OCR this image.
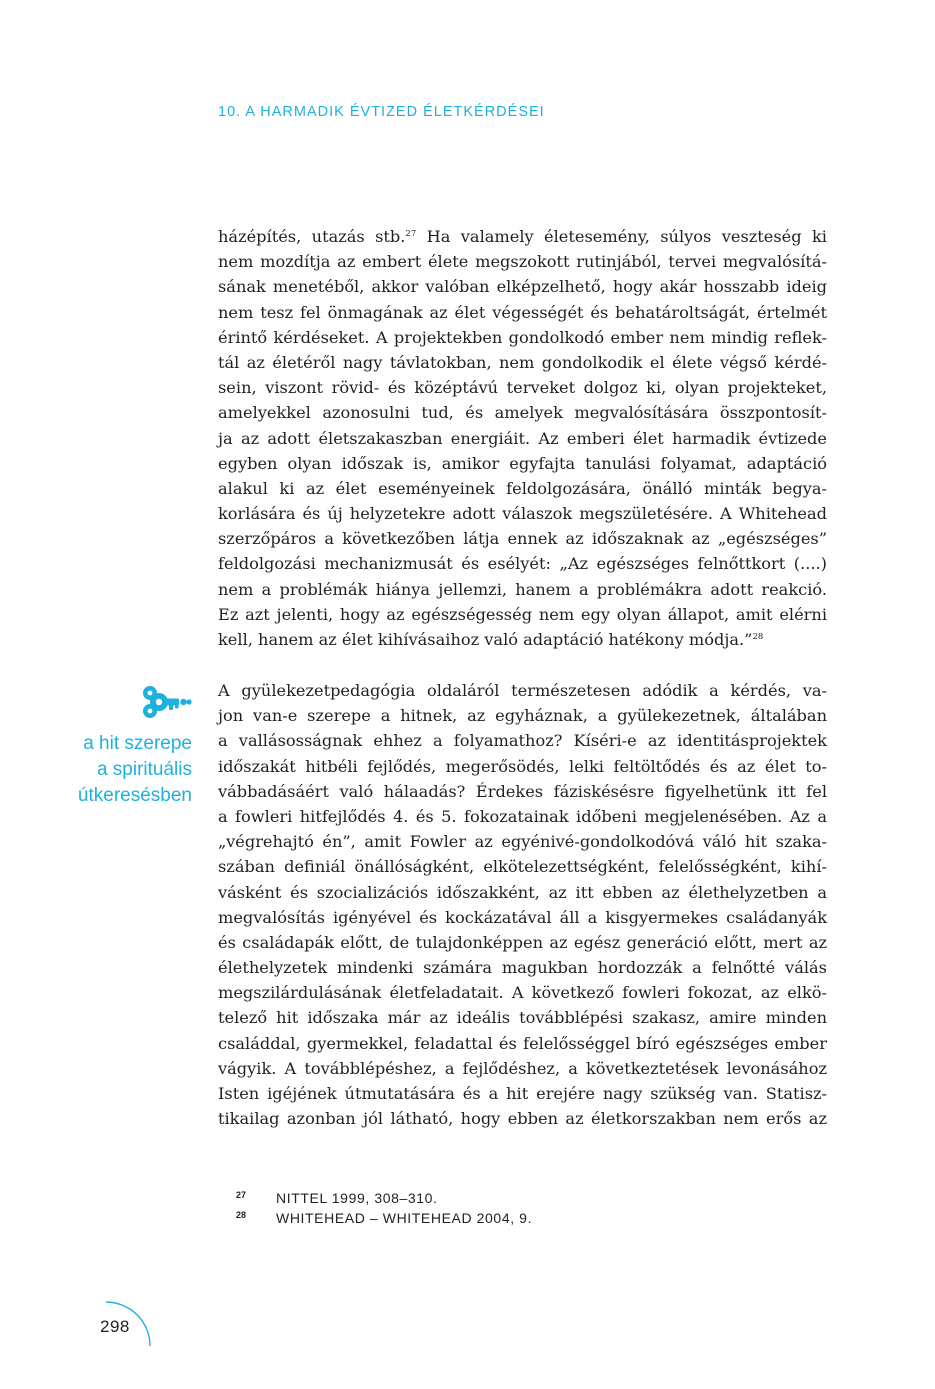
10. A HARMADIK ÉVTIZED ÉLETKÉRDÉSEI
házépítés, utazás stb.$^{27}$ Ha valamely életesemény, súlyos veszteség ki
nem mozdítja az embert élete megszokott rutinjából, tervei megvalósítá-
sának menetéből, akkor valóban elképzelhető, hogy akár hosszabb ideig
nem tesz fel önmagának az élet végességét és behatároltságát, értelmét
érintő kérdéseket. A projektekben gondolkodó ember nem mindig reflek-
tál az életéről nagy távlatokban, nem gondolkodik el élete végső kérdé-
sein, viszont rövid- és középtávú terveket dolgoz ki, olyan projekteket,
amelyekkel azonosulni tud, és amelyek megvalósítására összpontosít-
ja az adott életszakaszban energiáit. Az emberi élet harmadik évtizede
egyben olyan időszak is, amikor egyfajta tanulási folyamat, adaptáció
alakul ki az élet eseményeinek feldolgozására, önálló minták begya-
korlására és új helyzetekre adott válaszok megszületésére. A Whitehead
szerzőpáros a következőben látja ennek az időszaknak az „egészséges”
feldolgozási mechanizmusát és esélyét: „Az egészséges felnőttkort (....)
nem a problémák hiánya jellemzi, hanem a problémákra adott reakció.
Ez azt jelenti, hogy az egészségesség nem egy olyan állapot, amit elérni
kell, hanem az élet kihívásaihoz való adaptáció hatékony módja.”$^{28}$
a hit szerepe
a spirituális
útkeresésben
A gyülekezetpedagógia oldaláról természetesen adódik a kérdés, va-
jon van-e szerepe a hitnek, az egyháznak, a gyülekezetnek, általában
a vallásosságnak ehhez a folyamathoz? Kíséri-e az identitásprojektek
időszakát hitbéli fejlődés, megerősödés, lelki feltöltődés és az élet to-
vábbadásáért való hálaadás? Érdekes fáziskésésre figyelhetünk itt fel
a fowleri hitfejlődés 4. és 5. fokozatainak időbeni megjelenésében. Az a
„végrehajtó én”, amit Fowler az egyénivé-gondolkodóvá váló hit szaka-
szában definiál önállóságként, elkötelezettségként, felelősségként, kihí-
vásként és szocializációs időszakként, az itt ebben az élethelyzetben a
megvalósítás igényével és kockázatával áll a kisgyermekes családanyák
és családapák előtt, de tulajdonképpen az egész generáció előtt, mert az
élethelyzetek mindenki számára magukban hordozzák a felnőtté válás
megszilárdulásának életfeladatait. A következő fowleri fokozat, az elkö-
telező hit időszaka már az ideális továbblépési szakasz, amire minden
családdal, gyermekkel, feladattal és felelősséggel bíró egészséges ember
vágyik. A továbblépéshez, a fejlődéshez, a következtetések levonásához
Isten igéjének útmutatására és a hit erejére nagy szükség van. Statisz-
tikailag azonban jól látható, hogy ebben az életkorszakban nem erős az
27	NITTEL 1999, 308–310.
28	WHITEHEAD – WHITEHEAD 2004, 9.
298
